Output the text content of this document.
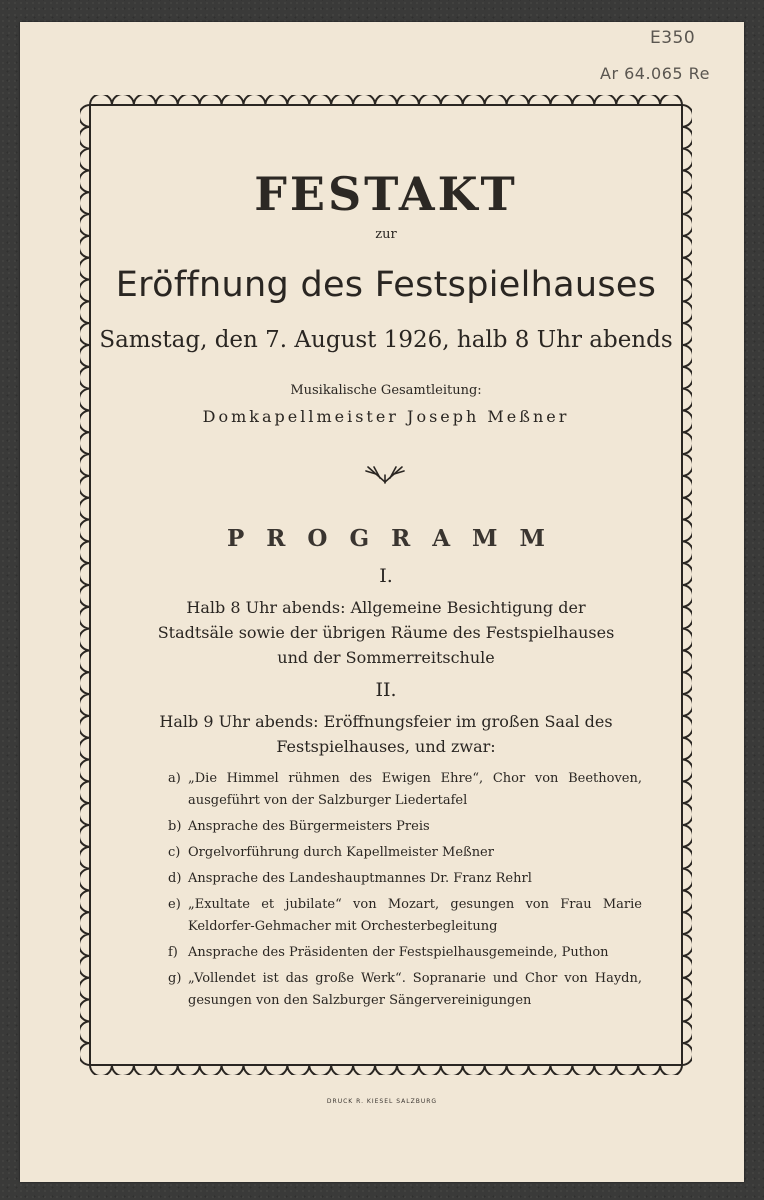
E350
Ar 64.065 Re
FESTAKT
zur
Eröffnung des Festspielhauses
Samstag, den 7. August 1926, halb 8 Uhr abends
Musikalische Gesamtleitung:
Domkapellmeister Joseph Meßner
PROGRAMM
I.
Halb 8 Uhr abends: Allgemeine Besichtigung der Stadtsäle sowie der übrigen Räume des Festspielhauses und der Sommerreitschule
II.
Halb 9 Uhr abends: Eröffnungsfeier im großen Saal des Festspielhauses, und zwar:
a) „Die Himmel rühmen des Ewigen Ehre“, Chor von Beethoven, ausgeführt von der Salzburger Liedertafel
b) Ansprache des Bürgermeisters Preis
c) Orgelvorführung durch Kapellmeister Meßner
d) Ansprache des Landeshauptmannes Dr. Franz Rehrl
e) „Exultate et jubilate“ von Mozart, gesungen von Frau Marie Keldorfer-Gehmacher mit Orchesterbegleitung
f) Ansprache des Präsidenten der Festspielhausgemeinde, Puthon
g) „Vollendet ist das große Werk“. Sopranarie und Chor von Haydn, gesungen von den Salzburger Sängervereinigungen
DRUCK R. KIESEL SALZBURG
